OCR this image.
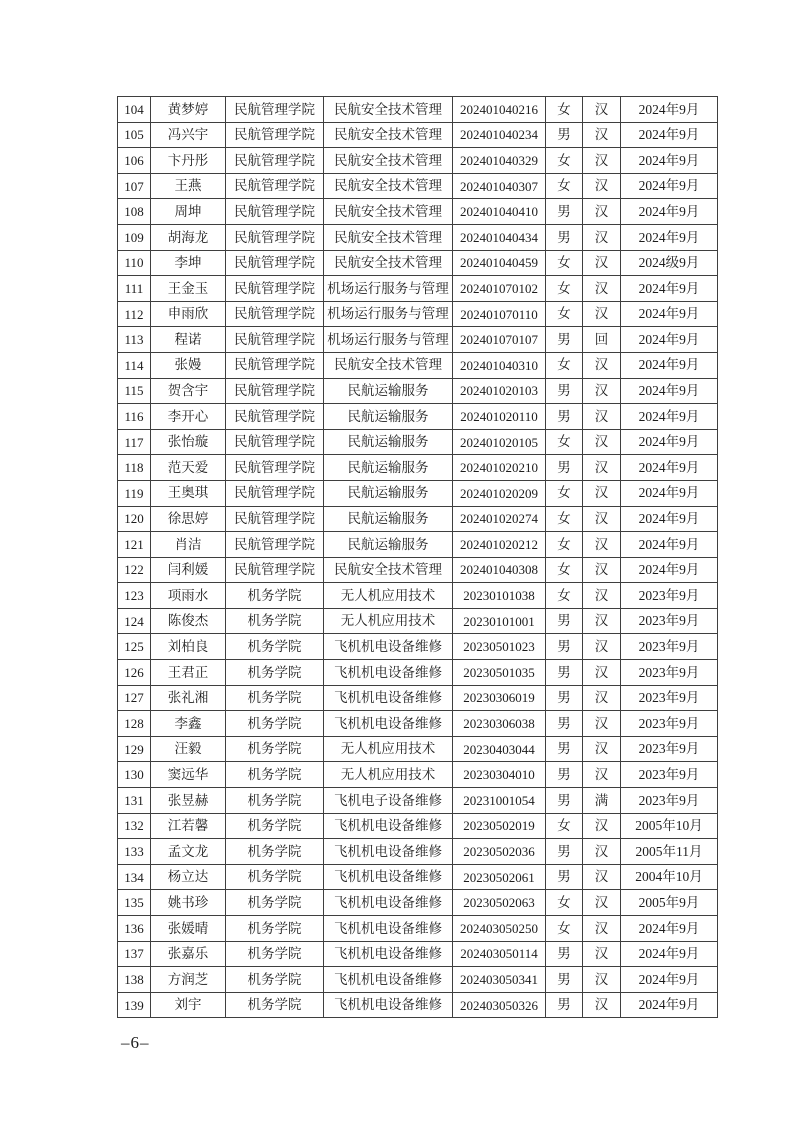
104	黄梦婷	民航管理学院	民航安全技术管理	202401040216	女	汉	2024年9月
105	冯兴宇	民航管理学院	民航安全技术管理	202401040234	男	汉	2024年9月
106	卞丹彤	民航管理学院	民航安全技术管理	202401040329	女	汉	2024年9月
107	王燕	民航管理学院	民航安全技术管理	202401040307	女	汉	2024年9月
108	周坤	民航管理学院	民航安全技术管理	202401040410	男	汉	2024年9月
109	胡海龙	民航管理学院	民航安全技术管理	202401040434	男	汉	2024年9月
110	李坤	民航管理学院	民航安全技术管理	202401040459	女	汉	2024级9月
111	王金玉	民航管理学院	机场运行服务与管理	202401070102	女	汉	2024年9月
112	申雨欣	民航管理学院	机场运行服务与管理	202401070110	女	汉	2024年9月
113	程诺	民航管理学院	机场运行服务与管理	202401070107	男	回	2024年9月
114	张嫚	民航管理学院	民航安全技术管理	202401040310	女	汉	2024年9月
115	贺含宇	民航管理学院	民航运输服务	202401020103	男	汉	2024年9月
116	李开心	民航管理学院	民航运输服务	202401020110	男	汉	2024年9月
117	张怡璇	民航管理学院	民航运输服务	202401020105	女	汉	2024年9月
118	范天爱	民航管理学院	民航运输服务	202401020210	男	汉	2024年9月
119	王奥琪	民航管理学院	民航运输服务	202401020209	女	汉	2024年9月
120	徐思婷	民航管理学院	民航运输服务	202401020274	女	汉	2024年9月
121	肖洁	民航管理学院	民航运输服务	202401020212	女	汉	2024年9月
122	闫利媛	民航管理学院	民航安全技术管理	202401040308	女	汉	2024年9月
123	项雨水	机务学院	无人机应用技术	20230101038	女	汉	2023年9月
124	陈俊杰	机务学院	无人机应用技术	20230101001	男	汉	2023年9月
125	刘柏良	机务学院	飞机机电设备维修	20230501023	男	汉	2023年9月
126	王君正	机务学院	飞机机电设备维修	20230501035	男	汉	2023年9月
127	张礼湘	机务学院	飞机机电设备维修	20230306019	男	汉	2023年9月
128	李鑫	机务学院	飞机机电设备维修	20230306038	男	汉	2023年9月
129	汪毅	机务学院	无人机应用技术	20230403044	男	汉	2023年9月
130	窦远华	机务学院	无人机应用技术	20230304010	男	汉	2023年9月
131	张昱赫	机务学院	飞机电子设备维修	20231001054	男	满	2023年9月
132	江若馨	机务学院	飞机机电设备维修	20230502019	女	汉	2005年10月
133	孟文龙	机务学院	飞机机电设备维修	20230502036	男	汉	2005年11月
134	杨立达	机务学院	飞机机电设备维修	20230502061	男	汉	2004年10月
135	姚书珍	机务学院	飞机机电设备维修	20230502063	女	汉	2005年9月
136	张媛晴	机务学院	飞机机电设备维修	202403050250	女	汉	2024年9月
137	张嘉乐	机务学院	飞机机电设备维修	202403050114	男	汉	2024年9月
138	方润芝	机务学院	飞机机电设备维修	202403050341	男	汉	2024年9月
139	刘宇	机务学院	飞机机电设备维修	202403050326	男	汉	2024年9月
–6–
